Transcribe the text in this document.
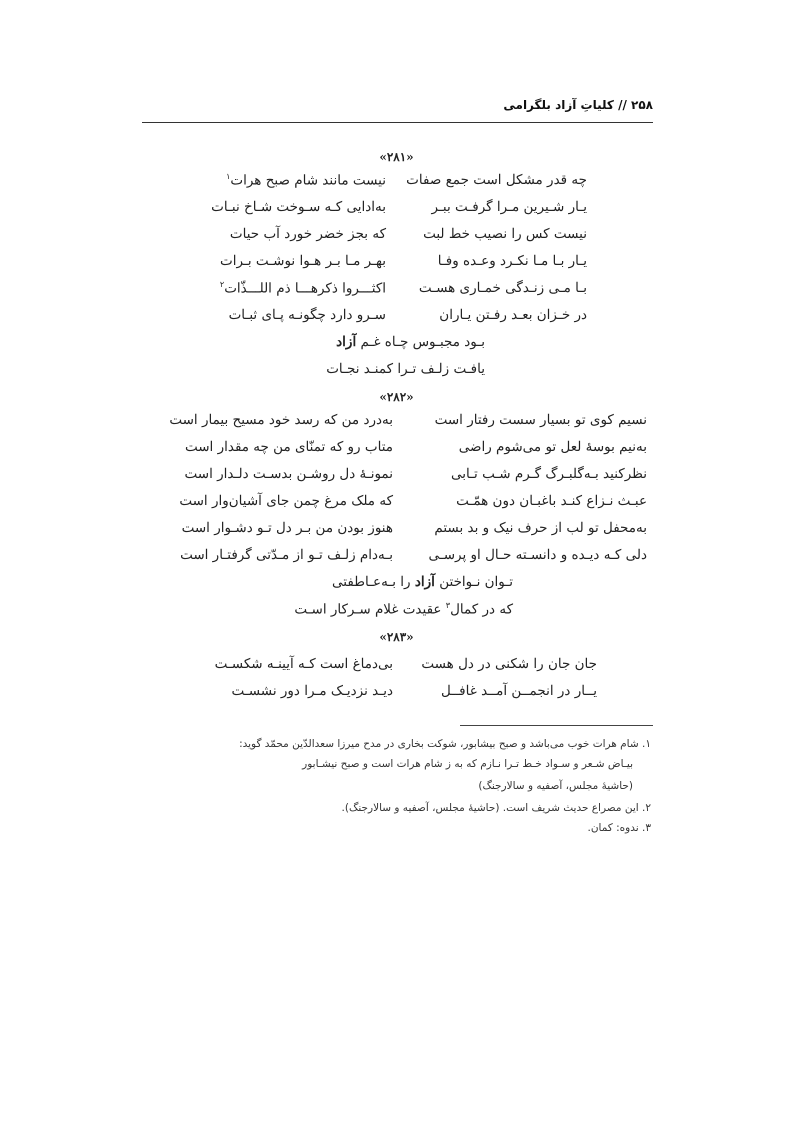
۲۵۸ // کلیاتِ آزاد بلگرامی
«۲۸۱»
چه قدر مشکل است جمع صفات
نیست مانند شام صبح هرات$^۱$
یـار شـیرین مـرا گرفـت ببـر
به‌ادایی کـه سـوخت شـاخ نبـات
نیست کس را نصیب خط لبت
که بجز خضر خورد آب حیات
یـار بـا مـا نکـرد وعـده وفـا
بهـر مـا بـر هـوا نوشـت بـرات
بـا مـی زنـدگی خمـاری هسـت
اکثـــروا ذکرهـــا ذم اللـــذّات$^۲$
در خـزان بعـد رفـتن یـاران
سـرو دارد چگونـه پـای ثبـات
بـود مجبـوس چـاه غـم آزاد
یافـت زلـف تـرا کمنـد نجـات
«۲۸۲»
نسیم کوی تو بسیار سست رفتار است
به‌درد من که رسد خود مسیح بیمار است
به‌نیم بوسهٔ لعل تو می‌شوم راضی
متاب رو که تمنّای من چه مقدار است
نظرکنید بـه‌گلبـرگ گـرم شـب تـابی
نمونـهٔ دل روشـن بدسـت دلـدار است
عبـث نـزاع کنـد باغبـان دون همّـت
که ملک مرغ چمن جای آشیان‌وار است
به‌محفل تو لب از حرف نیک و بد بستم
هنوز بودن من بـر دل تـو دشـوار است
دلی کـه دیـده و دانسـته حـال او پرسـی
بـه‌دام زلـف تـو از مـدّتی گرفتـار است
تـوان نـواختن آزاد را بـه‌عـاطفتی
که در کمال$^۳$ عقیدت غلام سـرکار اسـت
«۲۸۳»
جان جان را شکنی در دل هست
بی‌دماغ است کـه آیینـه شکسـت
یــار در انجمــن آمــد غافــل
دیـد نزدیـک مـرا دور نشسـت
۱. شام هرات خوب می‌باشد و صبح بیشابور، شوکت بخاری در مدح میرزا سعدالدّین محمّد گوید:
بیـاض شـعر و سـواد خـط تـرا نـازم که به ز شام هرات است و صبح نیشـابور
(حاشیهٔ مجلس، آصفیه و سالارجنگ)
۲. این مصراع حدیث شریف است. (حاشیهٔ مجلس، آصفیه و سالارجنگ).
۳. ندوه: کمان.
